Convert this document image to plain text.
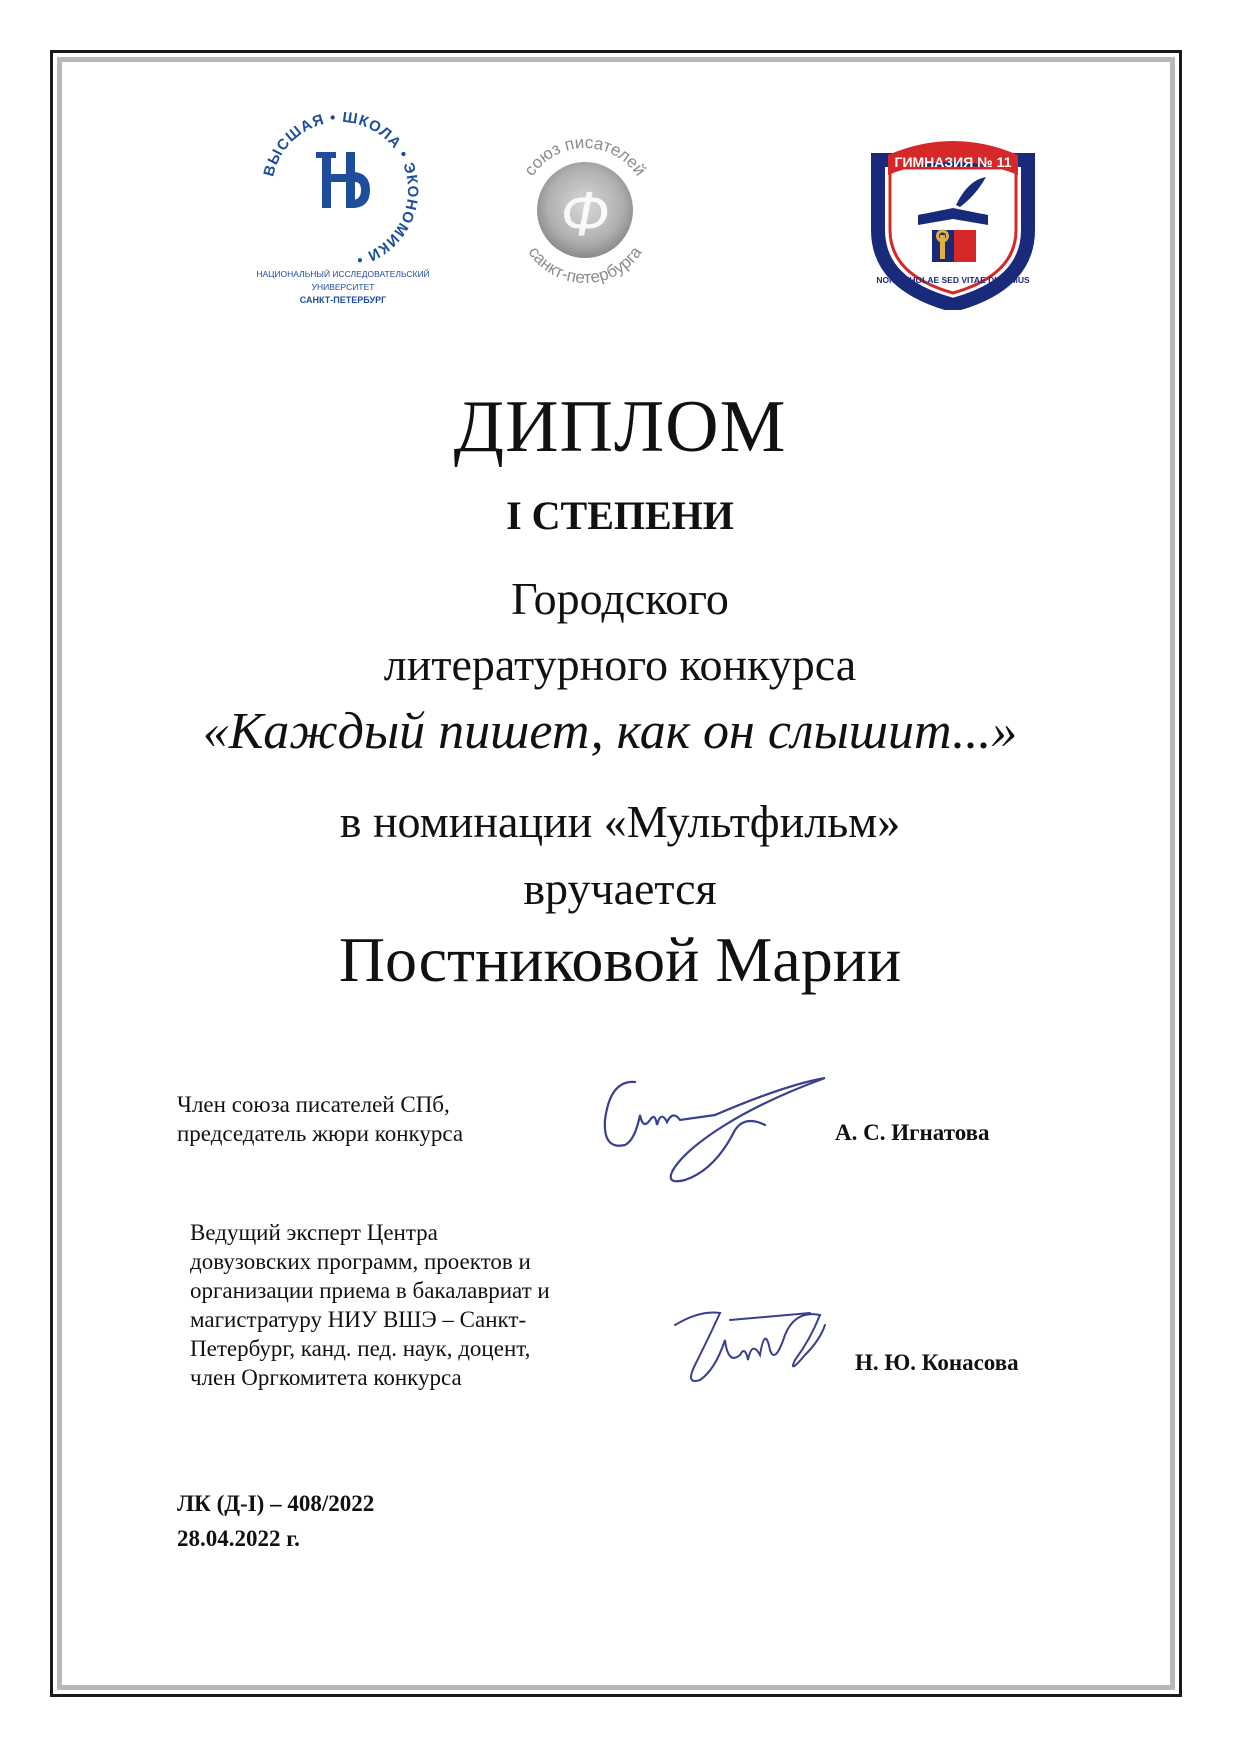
ВЫСШАЯ • ШКОЛА • ЭКОНОМИКИ •
НАЦИОНАЛЬНЫЙ ИССЛЕДОВАТЕЛЬСКИЙ
УНИВЕРСИТЕТ
САНКТ-ПЕТЕРБУРГ
Ф
союз писателей
санкт-петербурга
ГИМНАЗИЯ № 11
NON SCHOLAE SED VITAE DISCIMUS
ДИПЛОМ
I СТЕПЕНИ
Городского
литературного конкурса
«Каждый пишет, как он слышит...»
в номинации «Мультфильм»
вручается
Постниковой Марии
Член союза писателей СПб,
председатель жюри конкурса	А. С. Игнатова
Ведущий эксперт Центра
довузовских программ, проектов и
организации приема в бакалавриат и
магистратуру НИУ ВШЭ – Санкт-
Петербург, канд. пед. наук, доцент,
член Оргкомитета конкурса
Н. Ю. Конасова
ЛК (Д-I) – 408/2022
28.04.2022 г.
